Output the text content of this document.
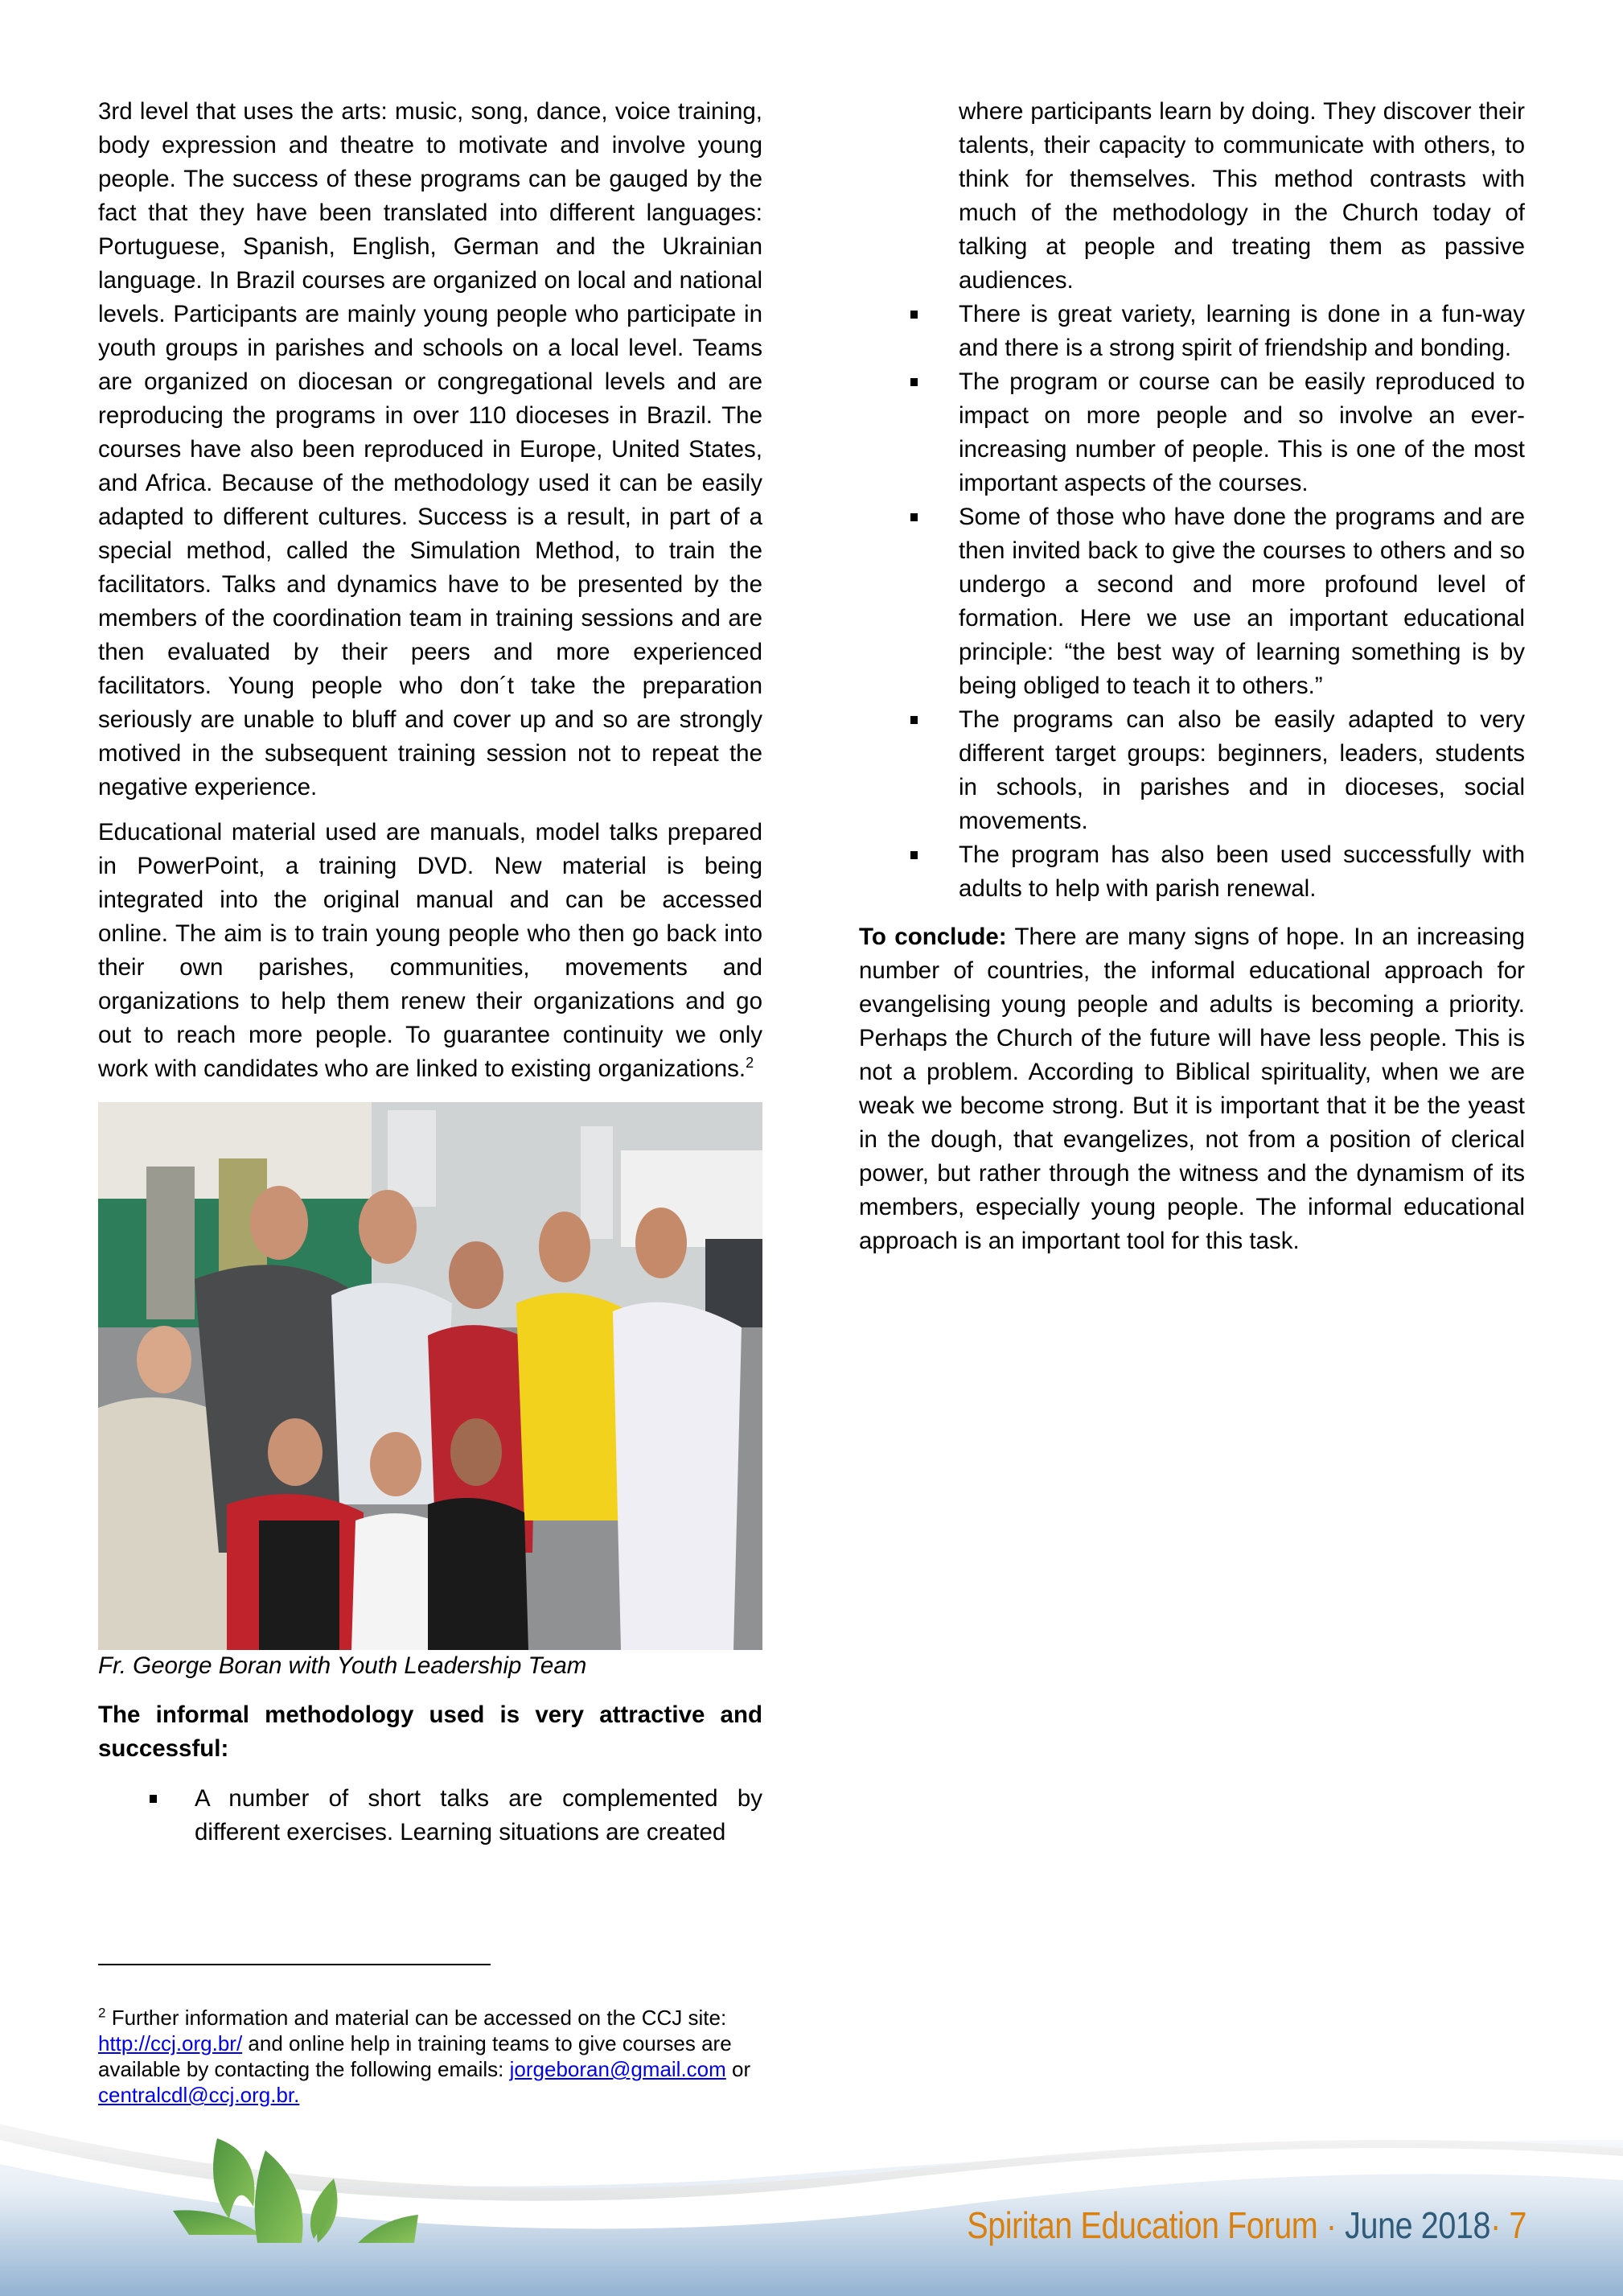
3rd level that uses the arts: music, song, dance, voice training, body expression and theatre to motivate and involve young people. The success of these programs can be gauged by the fact that they have been translated into different languages: Portuguese, Spanish, English, German and the Ukrainian language. In Brazil courses are organized on local and national levels. Participants are mainly young people who participate in youth groups in parishes and schools on a local level. Teams are organized on diocesan or congregational levels and are reproducing the programs in over 110 dioceses in Brazil. The courses have also been reproduced in Europe, United States, and Africa. Because of the methodology used it can be easily adapted to different cultures. Success is a result, in part of a special method, called the Simulation Method, to train the facilitators. Talks and dynamics have to be presented by the members of the coordination team in training sessions and are then evaluated by their peers and more experienced facilitators. Young people who don´t take the preparation seriously are unable to bluff and cover up and so are strongly motived in the subsequent training session not to repeat the negative experience.

Educational material used are manuals, model talks prepared in PowerPoint, a training DVD. New material is being integrated into the original manual and can be accessed online. The aim is to train young people who then go back into their own parishes, communities, movements and organizations to help them renew their organizations and go out to reach more people. To guarantee continuity we only work with candidates who are linked to existing organizations.$^2$

Fr. George Boran with Youth Leadership Team

The informal methodology used is very attractive and successful:

A number of short talks are complemented by different exercises. Learning situations are created

where participants learn by doing. They discover their talents, their capacity to communicate with others, to think for themselves. This method contrasts with much of the methodology in the Church today of talking at people and treating them as passive audiences.

There is great variety, learning is done in a fun-way and there is a strong spirit of friendship and bonding.
The program or course can be easily reproduced to impact on more people and so involve an ever-increasing number of people. This is one of the most important aspects of the courses.
Some of those who have done the programs and are then invited back to give the courses to others and so undergo a second and more profound level of formation. Here we use an important educational principle: “the best way of learning something is by being obliged to teach it to others.”
The programs can also be easily adapted to very different target groups: beginners, leaders, students in schools, in parishes and in dioceses, social movements.
The program has also been used successfully with adults to help with parish renewal.

To conclude: There are many signs of hope. In an increasing number of countries, the informal educational approach for evangelising young people and adults is becoming a priority. Perhaps the Church of the future will have less people. This is not a problem. According to Biblical spirituality, when we are weak we become strong. But it is important that it be the yeast in the dough, that evangelizes, not from a position of clerical power, but rather through the witness and the dynamism of its members, especially young people. The informal educational approach is an important tool for this task.

$^2$ Further information and material can be accessed on the CCJ site: http://ccj.org.br/ and online help in training teams to give courses are available by contacting the following emails: jorgeboran@gmail.com or centralcdl@ccj.org.br.
Spiritan Education Forum · June 2018· 7
